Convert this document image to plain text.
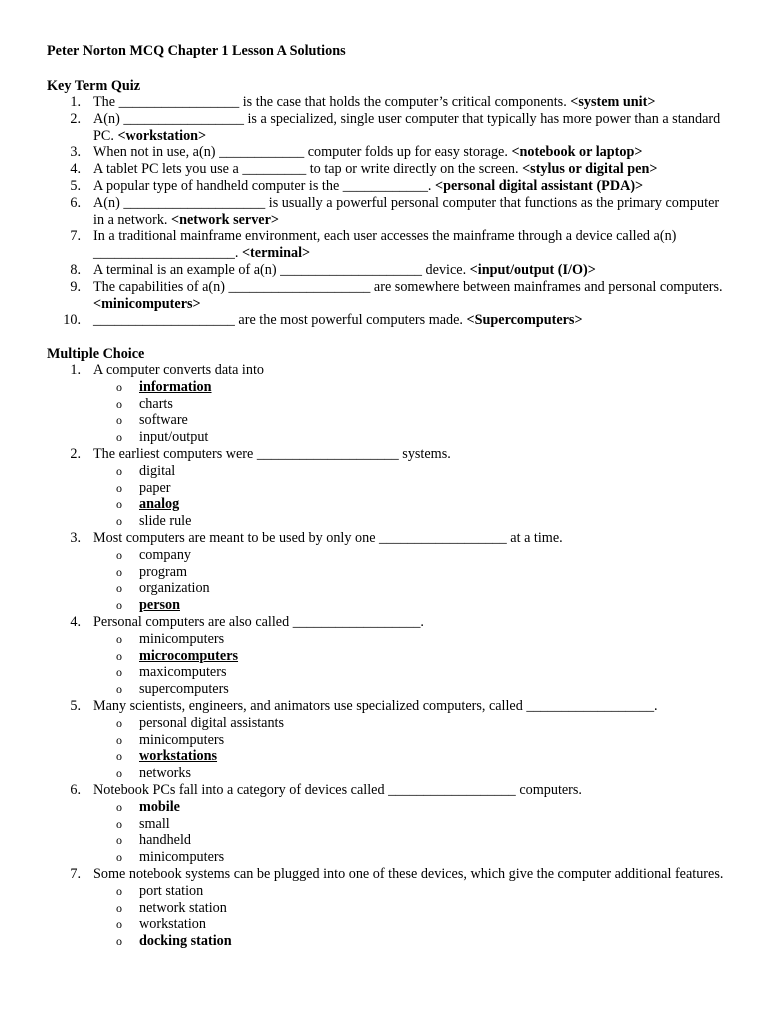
Peter Norton MCQ Chapter 1 Lesson A Solutions

Key Term Quiz

1. The _________________ is the case that holds the computer’s critical components. <system unit>
2. A(n) _________________ is a specialized, single user computer that typically has more power than a standard PC. <workstation>
3. When not in use, a(n) ____________ computer folds up for easy storage. <notebook or laptop>
4. A tablet PC lets you use a _________ to tap or write directly on the screen. <stylus or digital pen>
5. A popular type of handheld computer is the ____________. <personal digital assistant (PDA)>
6. A(n) ____________________ is usually a powerful personal computer that functions as the primary computer in a network. <network server>
7. In a traditional mainframe environment, each user accesses the mainframe through a device called a(n) ____________________. <terminal>
8. A terminal is an example of a(n) ____________________ device. <input/output (I/O)>
9. The capabilities of a(n) ____________________ are somewhere between mainframes and personal computers. <minicomputers>
10. ____________________ are the most powerful computers made. <Supercomputers>

Multiple Choice

1. A computer converts data into
o information
o charts
o software
o input/output
2. The earliest computers were ____________________ systems.
o digital
o paper
o analog
o slide rule
3. Most computers are meant to be used by only one __________________ at a time.
o company
o program
o organization
o person
4. Personal computers are also called __________________.
o minicomputers
o microcomputers
o maxicomputers
o supercomputers
5. Many scientists, engineers, and animators use specialized computers, called __________________.
o personal digital assistants
o minicomputers
o workstations
o networks
6. Notebook PCs fall into a category of devices called __________________ computers.
o mobile
o small
o handheld
o minicomputers
7. Some notebook systems can be plugged into one of these devices, which give the computer additional features.
o port station
o network station
o workstation
o docking station
